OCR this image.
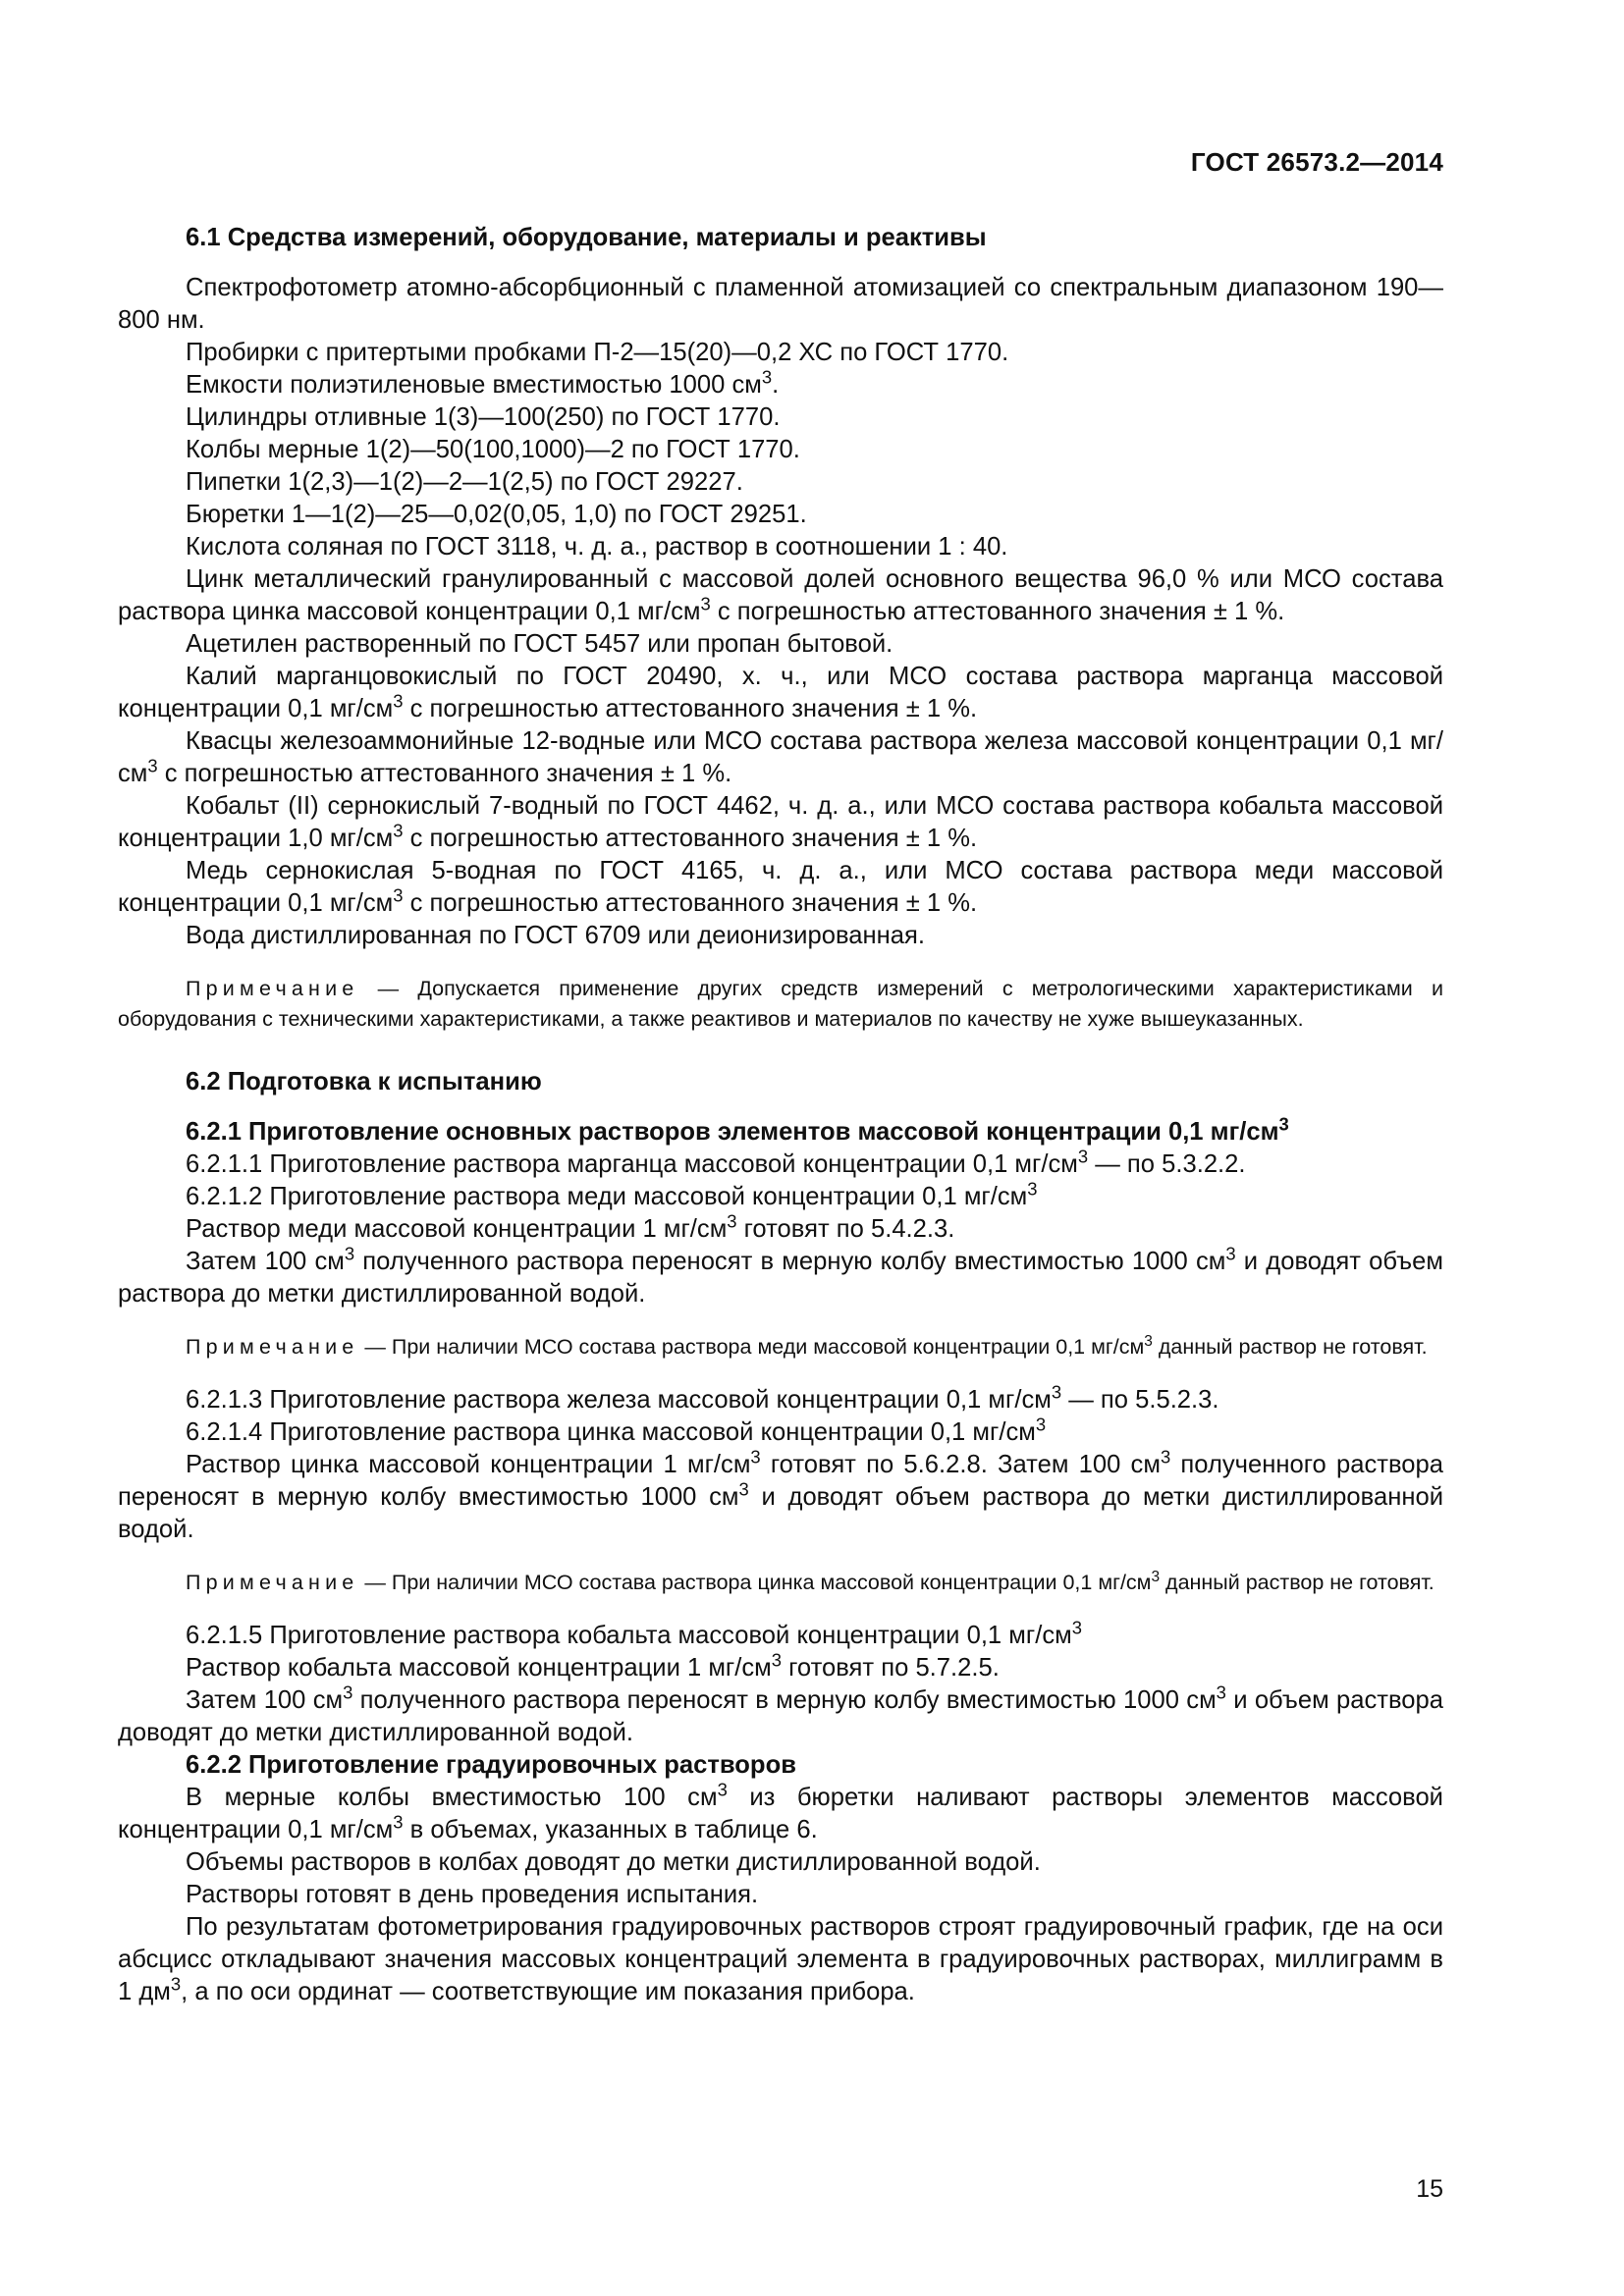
ГОСТ 26573.2—2014

6.1 Средства измерений, оборудование, материалы и реактивы

Спектрофотометр атомно-абсорбционный с пламенной атомизацией со спектральным диапазоном 190—800 нм.

Пробирки с притертыми пробками П-2—15(20)—0,2 ХС по ГОСТ 1770.

Емкости полиэтиленовые вместимостью 1000 $см^3$.

Цилиндры отливные 1(3)—100(250) по ГОСТ 1770.

Колбы мерные 1(2)—50(100,1000)—2 по ГОСТ 1770.

Пипетки 1(2,3)—1(2)—2—1(2,5) по ГОСТ 29227.

Бюретки 1—1(2)—25—0,02(0,05, 1,0) по ГОСТ 29251.

Кислота соляная по ГОСТ 3118, ч. д. а., раствор в соотношении 1 : 40.

Цинк металлический гранулированный с массовой долей основного вещества 96,0 % или МСО состава раствора цинка массовой концентрации 0,1 $мг/см^3$ с погрешностью аттестованного значения ± 1 %.

Ацетилен растворенный по ГОСТ 5457 или пропан бытовой.

Калий марганцовокислый по ГОСТ 20490, х. ч., или МСО состава раствора марганца массовой концентрации 0,1 $мг/см^3$ с погрешностью аттестованного значения ± 1 %.

Квасцы железоаммонийные 12-водные или МСО состава раствора железа массовой концентрации 0,1 $мг/см^3$ с погрешностью аттестованного значения ± 1 %.

Кобальт (II) сернокислый 7-водный по ГОСТ 4462, ч. д. а., или МСО состава раствора кобальта массовой концентрации 1,0 $мг/см^3$ с погрешностью аттестованного значения ± 1 %.

Медь сернокислая 5-водная по ГОСТ 4165, ч. д. а., или МСО состава раствора меди массовой концентрации 0,1 $мг/см^3$ с погрешностью аттестованного значения ± 1 %.

Вода дистиллированная по ГОСТ 6709 или деионизированная.

Примечание — Допускается применение других средств измерений с метрологическими характеристиками и оборудования с техническими характеристиками, а также реактивов и материалов по качеству не хуже вышеуказанных.

6.2 Подготовка к испытанию

6.2.1 Приготовление основных растворов элементов массовой концентрации 0,1 $мг/см^3$

6.2.1.1 Приготовление раствора марганца массовой концентрации 0,1 $мг/см^3$ — по 5.3.2.2.

6.2.1.2 Приготовление раствора меди массовой концентрации 0,1 $мг/см^3$

Раствор меди массовой концентрации 1 $мг/см^3$ готовят по 5.4.2.3.

Затем 100 $см^3$ полученного раствора переносят в мерную колбу вместимостью 1000 $см^3$ и доводят объем раствора до метки дистиллированной водой.

Примечание — При наличии МСО состава раствора меди массовой концентрации 0,1 $мг/см^3$ данный раствор не готовят.

6.2.1.3 Приготовление раствора железа массовой концентрации 0,1 $мг/см^3$ — по 5.5.2.3.

6.2.1.4 Приготовление раствора цинка массовой концентрации 0,1 $мг/см^3$

Раствор цинка массовой концентрации 1 $мг/см^3$ готовят по 5.6.2.8. Затем 100 $см^3$ полученного раствора переносят в мерную колбу вместимостью 1000 $см^3$ и доводят объем раствора до метки дистиллированной водой.

Примечание — При наличии МСО состава раствора цинка массовой концентрации 0,1 $мг/см^3$ данный раствор не готовят.

6.2.1.5 Приготовление раствора кобальта массовой концентрации 0,1 $мг/см^3$

Раствор кобальта массовой концентрации 1 $мг/см^3$ готовят по 5.7.2.5.

Затем 100 $см^3$ полученного раствора переносят в мерную колбу вместимостью 1000 $см^3$ и объем раствора доводят до метки дистиллированной водой.

6.2.2 Приготовление градуировочных растворов

В мерные колбы вместимостью 100 $см^3$ из бюретки наливают растворы элементов массовой концентрации 0,1 $мг/см^3$ в объемах, указанных в таблице 6.

Объемы растворов в колбах доводят до метки дистиллированной водой.

Растворы готовят в день проведения испытания.

По результатам фотометрирования градуировочных растворов строят градуировочный график, где на оси абсцисс откладывают значения массовых концентраций элемента в градуировочных растворах, миллиграмм в 1 $дм^3$, а по оси ординат — соответствующие им показания прибора.

15
